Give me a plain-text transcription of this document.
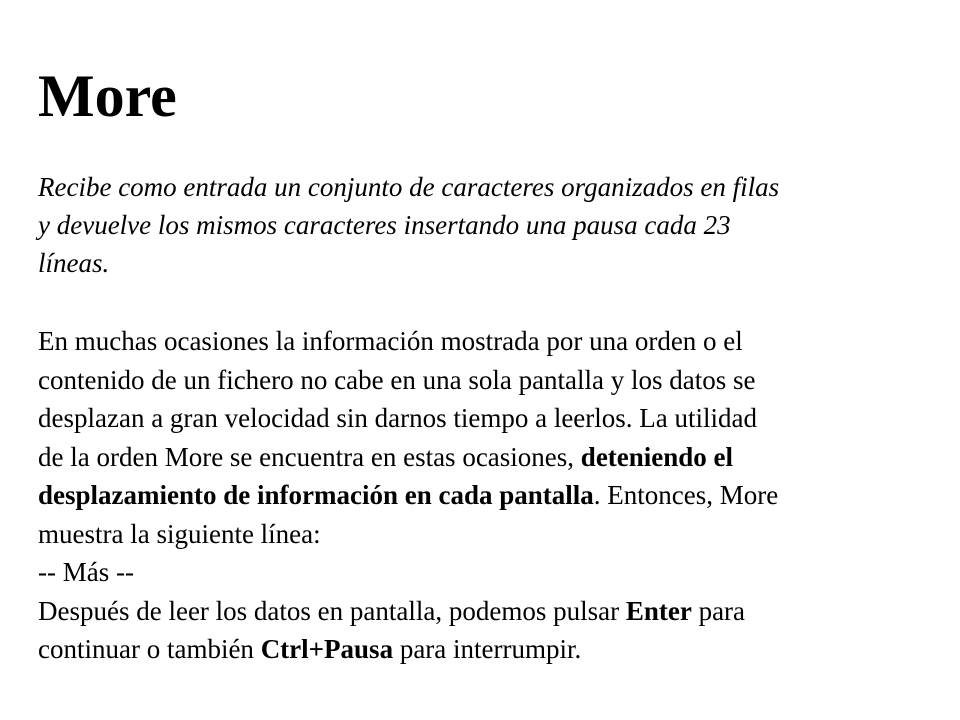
More

Recibe como entrada un conjunto de caracteres organizados en filas
y devuelve los mismos caracteres insertando una pausa cada 23
líneas.

En muchas ocasiones la información mostrada por una orden o el
contenido de un fichero no cabe en una sola pantalla y los datos se
desplazan a gran velocidad sin darnos tiempo a leerlos. La utilidad
de la orden More se encuentra en estas ocasiones, deteniendo el
desplazamiento de información en cada pantalla. Entonces, More
muestra la siguiente línea:
-- Más --
Después de leer los datos en pantalla, podemos pulsar Enter para
continuar o también Ctrl+Pausa para interrumpir.
